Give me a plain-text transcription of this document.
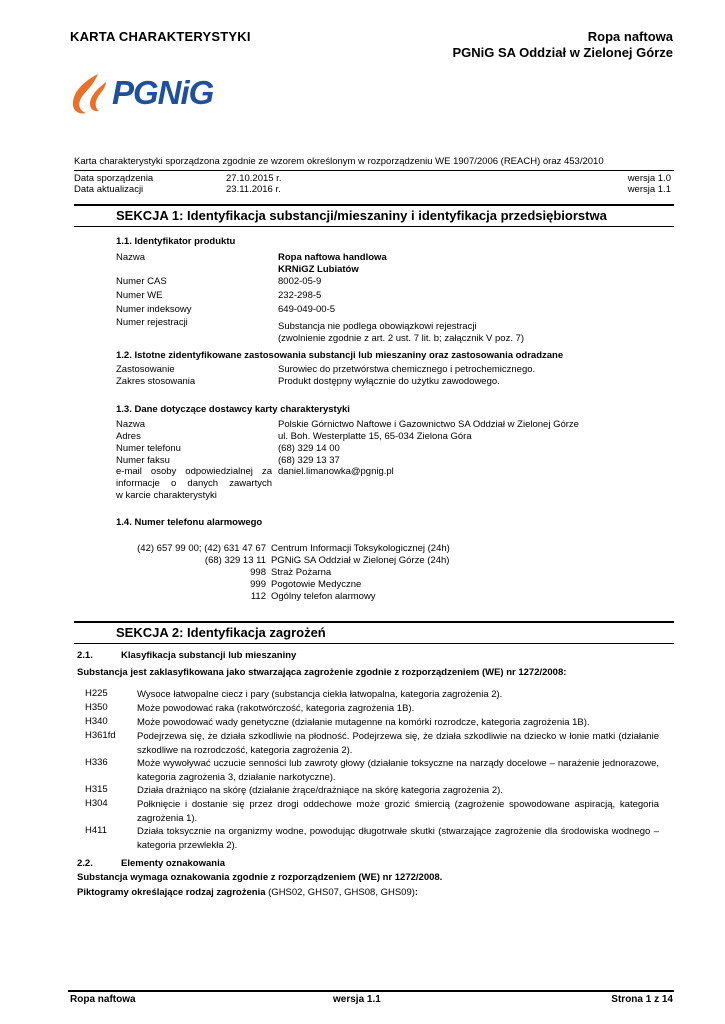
KARTA CHARAKTERYSTYKI	Ropa naftowa
PGNiG SA Oddział w Zielonej Górze
PGNiG
Karta charakterystyki sporządzona zgodnie ze wzorem określonym w rozporządzeniu WE 1907/2006 (REACH) oraz 453/2010
Data sporządzenia	27.10.2015 r.	wersja 1.0
Data aktualizacji	23.11.2016 r.	wersja 1.1
SEKCJA 1: Identyfikacja substancji/mieszaniny i identyfikacja przedsiębiorstwa
1.1. Identyfikator produktu
Nazwa	Ropa naftowa handlowa
KRNiGZ Lubiatów
Numer CAS	8002-05-9
Numer WE	232-298-5
Numer indeksowy	649-049-00-5
Numer rejestracji	Substancja nie podlega obowiązkowi rejestracji
(zwolnienie zgodnie z art. 2 ust. 7 lit. b; załącznik V poz. 7)
1.2. Istotne zidentyfikowane zastosowania substancji lub mieszaniny oraz zastosowania odradzane
Zastosowanie	Surowiec do przetwórstwa chemicznego i petrochemicznego.
Zakres stosowania	Produkt dostępny wyłącznie do użytku zawodowego.
1.3. Dane dotyczące dostawcy karty charakterystyki
Nazwa	Polskie Górnictwo Naftowe i Gazownictwo SA Oddział w Zielonej Górze
Adres	ul. Boh. Westerplatte 15, 65-034 Zielona Góra
Numer telefonu	(68) 329 14 00
Numer faksu	(68) 329 13 37
e-mail osoby odpowiedzialnej za
informacje o danych zawartych
w karcie charakterystyki
daniel.limanowka@pgnig.pl
1.4. Numer telefonu alarmowego
(42) 657 99 00; (42) 631 47 67 Centrum Informacji Toksykologicznej (24h)
(68) 329 13 11 PGNiG SA Oddział w Zielonej Górze (24h)
998 Straż Pożarna
999 Pogotowie Medyczne
112 Ogólny telefon alarmowy
SEKCJA 2: Identyfikacja zagrożeń
2.1.	Klasyfikacja substancji lub mieszaniny
Substancja jest zaklasyfikowana jako stwarzająca zagrożenie zgodnie z rozporządzeniem (WE) nr 1272/2008:
H225	Wysoce łatwopalne ciecz i pary (substancja ciekła łatwopalna, kategoria zagrożenia 2).
H350	Może powodować raka (rakotwórczość, kategoria zagrożenia 1B).
H340	Może powodować wady genetyczne (działanie mutagenne na komórki rozrodcze, kategoria zagrożenia 1B).
H361fd Podejrzewa się, że działa szkodliwie na płodność. Podejrzewa się, że działa szkodliwie na dziecko w łonie matki (działanie szkodliwe na rozrodczość, kategoria zagrożenia 2).
H336	Może wywoływać uczucie senności lub zawroty głowy (działanie toksyczne na narządy docelowe – narażenie jednorazowe, kategoria zagrożenia 3, działanie narkotyczne).
H315	Działa drażniąco na skórę (działanie żrące/drażniące na skórę kategoria zagrożenia 2).
H304	Połknięcie i dostanie się przez drogi oddechowe może grozić śmiercią (zagrożenie spowodowane aspiracją, kategoria zagrożenia 1).
H411	Działa toksycznie na organizmy wodne, powodując długotrwałe skutki (stwarzające zagrożenie dla środowiska wodnego – kategoria przewlekła 2).
2.2.	Elementy oznakowania
Substancja wymaga oznakowania zgodnie z rozporządzeniem (WE) nr 1272/2008.
Piktogramy określające rodzaj zagrożenia (GHS02, GHS07, GHS08, GHS09):
Ropa naftowa	wersja 1.1	Strona 1 z 14
